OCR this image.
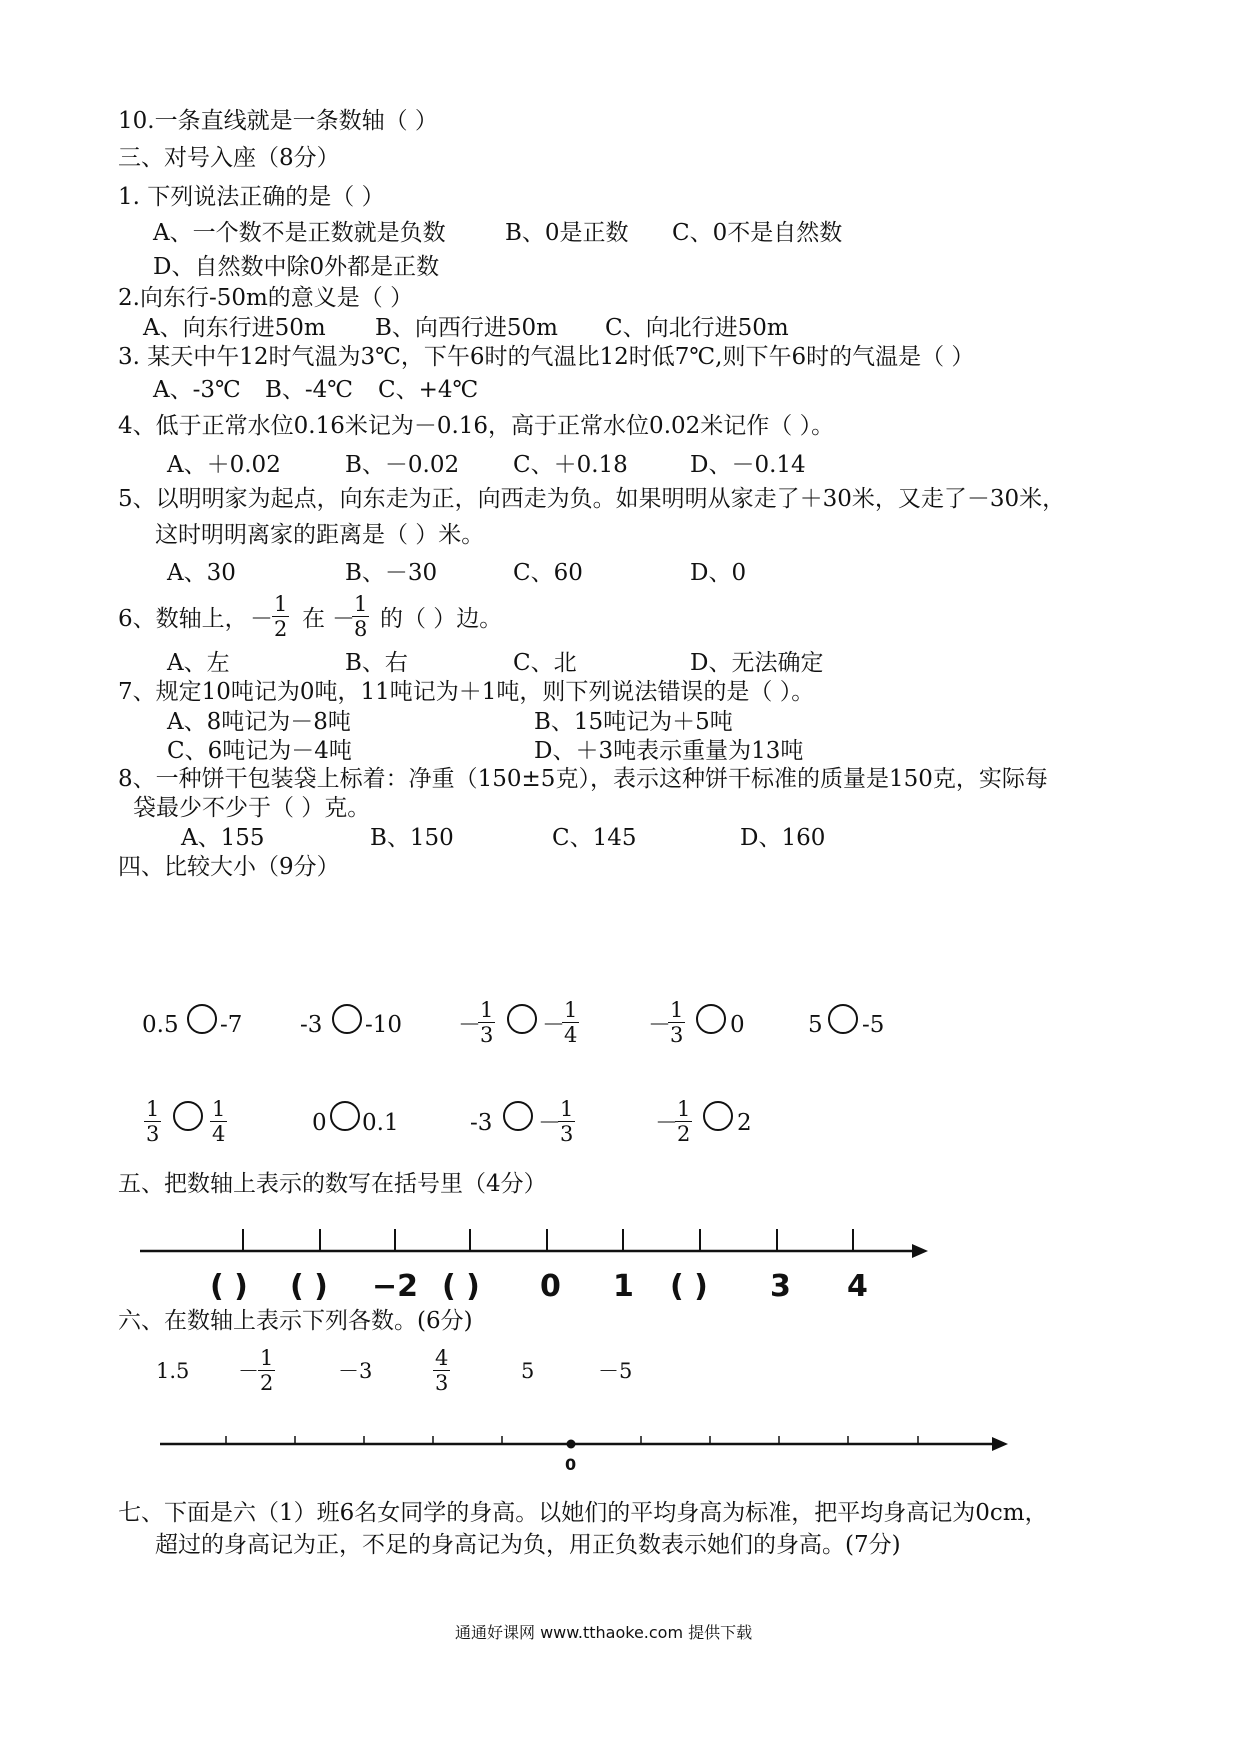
10.一条直线就是一条数轴（ ）
三、对号入座（8分）
1. 下列说法正确的是（ ）
A、一个数不是正数就是负数	B、0是正数 C、0不是自然数
D、自然数中除0外都是正数
2.向东行-50m的意义是（ ）
A、向东行进50m B、向西行进50m C、向北行进50m
3. 某天中午12时气温为3℃，下午6时的气温比12时低7℃,则下午6时的气温是（ ）
A、-3℃ B、-4℃ C、+4℃
4、低于正常水位0.16米记为－0.16，高于正常水位0.02米记作（ ）。
A、＋0.02	B、－0.02 C、＋0.18	D、－0.14
5、以明明家为起点，向东走为正，向西走为负。如果明明从家走了＋30米，又走了－30米，
这时明明离家的距离是（ ）米。
A、30	B、－30	C、60	D、0
6、数轴上， － $\frac{1}{2}$ 在 －
$\frac{1}{8}$ 的（ ）边。
A、左	B、右	C、北	D、无法确定
7、规定10吨记为0吨，11吨记为＋1吨，则下列说法错误的是（ ）。
A、8吨记为－8吨	B、15吨记为＋5吨
C、6吨记为－4吨	D、＋3吨表示重量为13吨
8、一种饼干包装袋上标着：净重（150±5克），表示这种饼干标准的质量是150克，实际每
袋最少不少于（ ）克。
A、155	B、150	C、145	D、160
四、比较大小（9分）
0.5 -7	-3 -10 －
$\frac{1}{3}$ －
$\frac{1}{4}$	－
$\frac{1}{3} 0$	5 -5
$\frac{1}{3} \frac{1}{4}$	0 0.1	-3 －
$\frac{1}{3}$	－
$\frac{1}{2} 2$
五、把数轴上表示的数写在括号里（4分）
( ) ( ) −2 ( ) 0 1 ( ) 3 4
六、在数轴上表示下列各数。(6分)
$1.5 - \frac{1}{2}$	－3	$\frac{4}{3}$	5	－5
0
七、下面是六（1）班6名女同学的身高。以她们的平均身高为标准，把平均身高记为0cm，
超过的身高记为正，不足的身高记为负，用正负数表示她们的身高。(7分)
通通好课网 www.tthaoke.com 提供下载
